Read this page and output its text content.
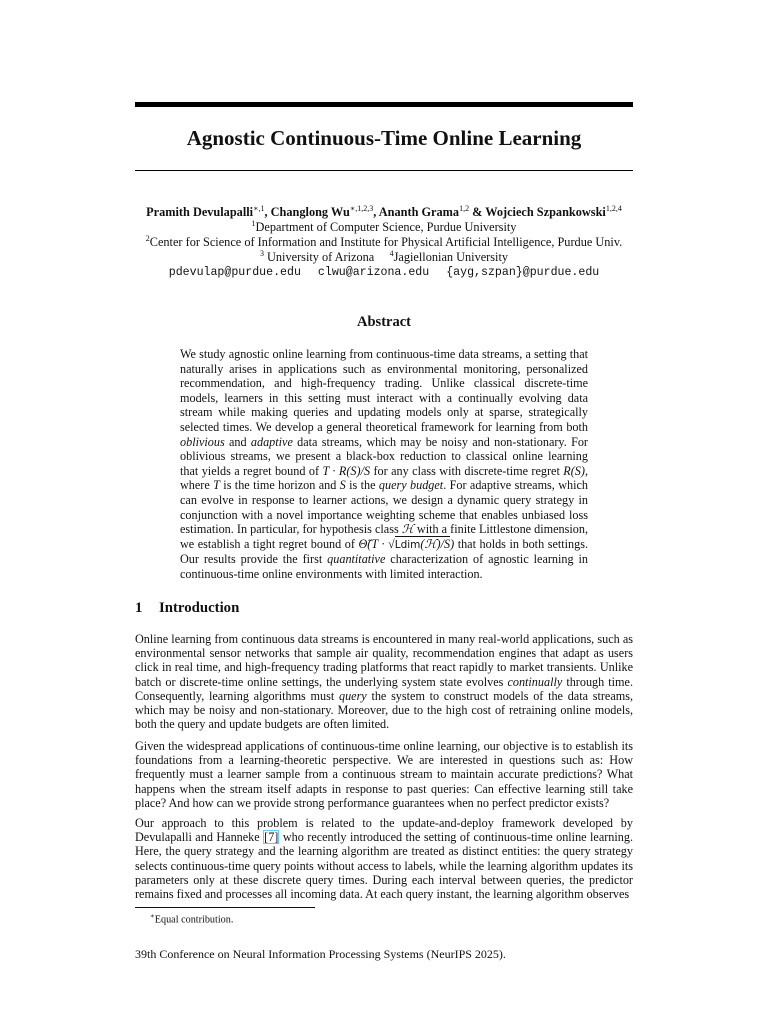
Agnostic Continuous-Time Online Learning
Pramith Devulapalli$^{∗,1}$, Changlong $Wu^{∗,1,2,3}$, Ananth Grama$^{1,2}$ & Wojciech Szpankowski$^{1,2,4}$
$^1$Department of Computer Science, Purdue University
$^2$Center for Science of Information and Institute for Physical Artificial Intelligence, Purdue Univ.
$^3$ University of Arizona $^4$Jagiellonian University
pdevulap@purdue.edu clwu@arizona.edu {ayg,szpan}@purdue.edu
Abstract

We study agnostic online learning from continuous-time data streams, a setting that naturally arises in applications such as environmental monitoring, personalized recommendation, and high-frequency trading. Unlike classical discrete-time models, learners in this setting must interact with a continually evolving data stream while making queries and updating models only at sparse, strategically selected times. We develop a general theoretical framework for learning from both oblivious and adaptive data streams, which may be noisy and non-stationary. For oblivious streams, we present a black-box reduction to classical online learning that yields a regret bound of T · R(S)/S for any class with discrete-time regret R(S), where T is the time horizon and S is the query budget. For adaptive streams, which can evolve in response to learner actions, we design a dynamic query strategy in conjunction with a novel importance weighting scheme that enables unbiased loss estimation. In particular, for hypothesis class ℋ with a finite Littlestone dimension, we establish a tight regret bound of Θ̃(T · √Ldim(ℋ)/S) that holds in both settings. Our results provide the first quantitative characterization of agnostic learning in continuous-time online environments with limited interaction.

1 Introduction

Online learning from continuous data streams is encountered in many real-world applications, such as environmental sensor networks that sample air quality, recommendation engines that adapt as users click in real time, and high-frequency trading platforms that react rapidly to market transients. Unlike batch or discrete-time online settings, the underlying system state evolves continually through time. Consequently, learning algorithms must query the system to construct models of the data streams, which may be noisy and non-stationary. Moreover, due to the high cost of retraining online models, both the query and update budgets are often limited.

Given the widespread applications of continuous-time online learning, our objective is to establish its foundations from a learning-theoretic perspective. We are interested in questions such as: How frequently must a learner sample from a continuous stream to maintain accurate predictions? What happens when the stream itself adapts in response to past queries: Can effective learning still take place? And how can we provide strong performance guarantees when no perfect predictor exists?

Our approach to this problem is related to the update-and-deploy framework developed by Devulapalli and Hanneke [7] who recently introduced the setting of continuous-time online learning. Here, the query strategy and the learning algorithm are treated as distinct entities: the query strategy selects continuous-time query points without access to labels, while the learning algorithm updates its parameters only at these discrete query times. During each interval between queries, the predictor remains fixed and processes all incoming data. At each query instant, the learning algorithm observes

∗Equal contribution.
39th Conference on Neural Information Processing Systems (NeurIPS 2025).
